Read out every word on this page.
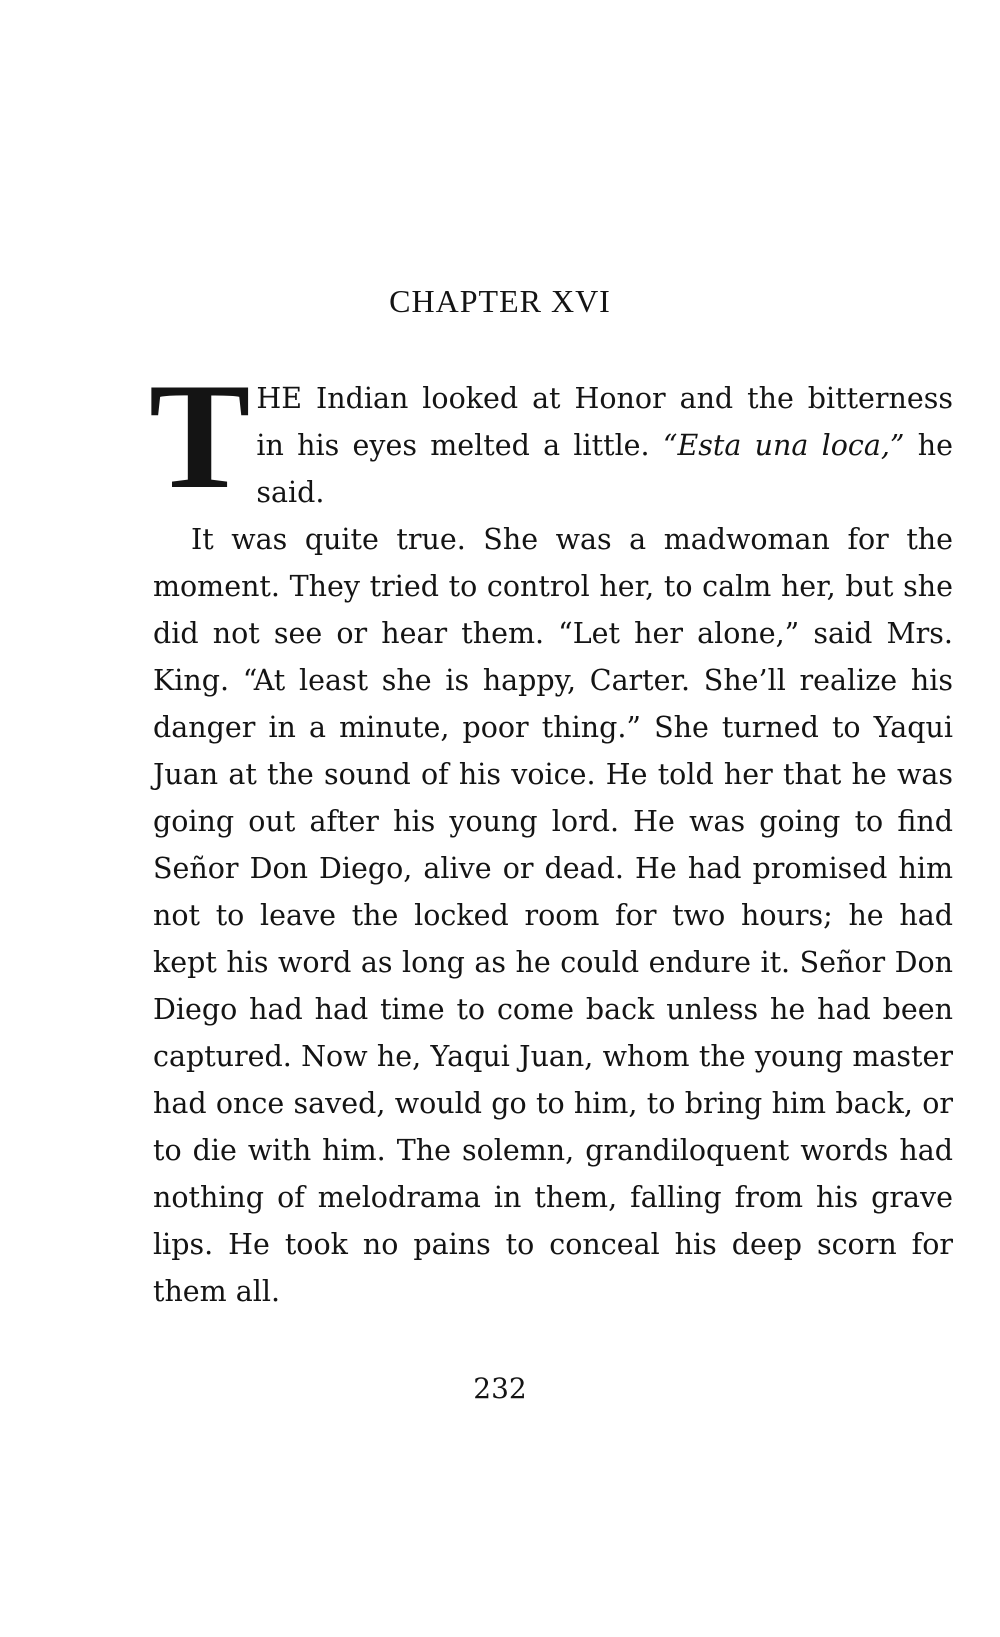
CHAPTER XVI

THE Indian looked at Honor and the bitterness in his eyes melted a little. “Esta una loca,” he said.

It was quite true. She was a madwoman for the moment. They tried to control her, to calm her, but she did not see or hear them. “Let her alone,” said Mrs. King. “At least she is happy, Carter. She’ll realize his danger in a minute, poor thing.” She turned to Yaqui Juan at the sound of his voice. He told her that he was going out after his young lord. He was going to find Señor Don Diego, alive or dead. He had promised him not to leave the locked room for two hours; he had kept his word as long as he could endure it. Señor Don Diego had had time to come back unless he had been captured. Now he, Yaqui Juan, whom the young master had once saved, would go to him, to bring him back, or to die with him. The solemn, grandiloquent words had nothing of melodrama in them, falling from his grave lips. He took no pains to conceal his deep scorn for them all.

232
